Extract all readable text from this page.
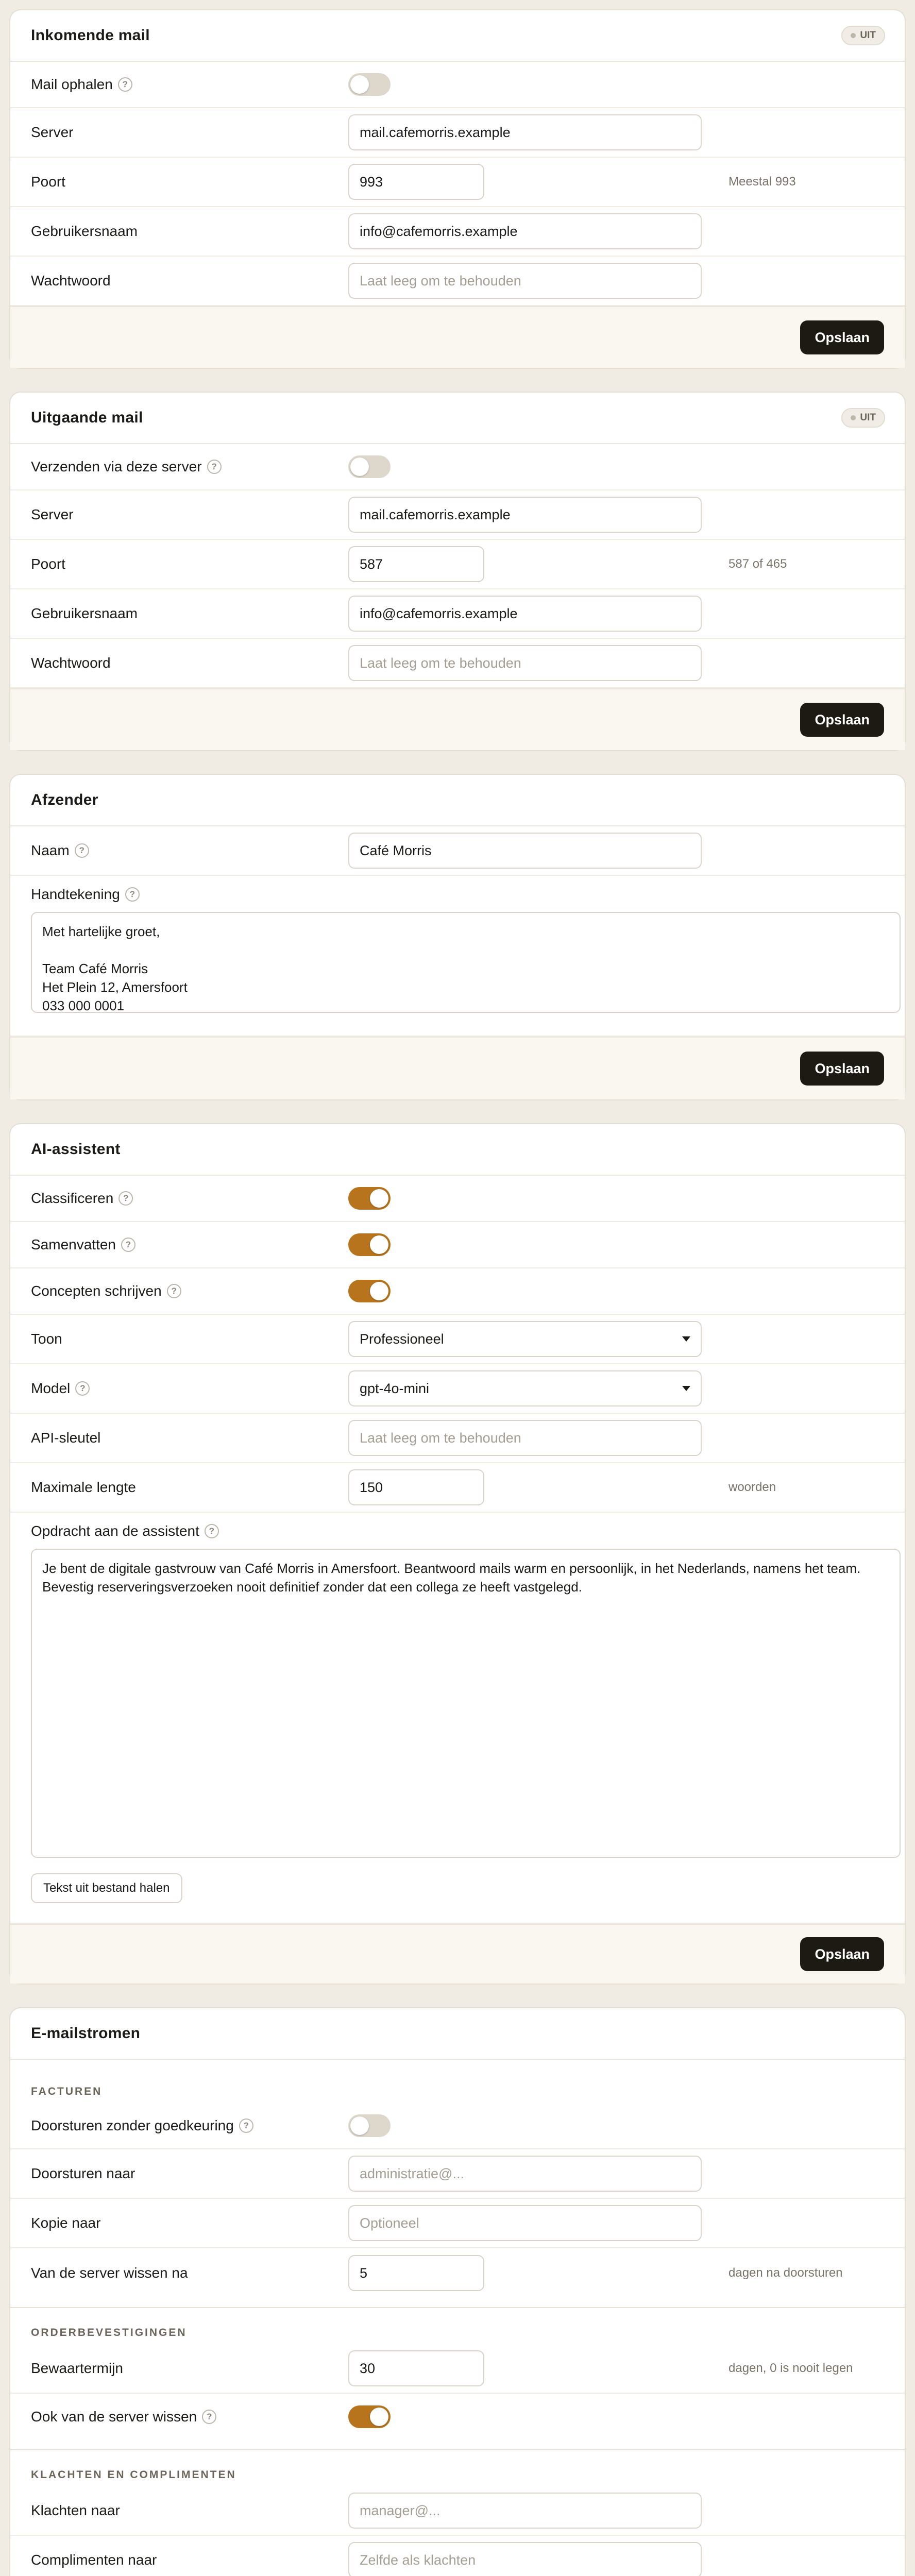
Inkomende mail	UIT
Mail ophalen	?
Server	mail.cafemorris.example
Poort	993	Meestal 993
Gebruikersnaam	info@cafemorris.example
Wachtwoord	Laat leeg om te behouden
Opslaan
Uitgaande mail	UIT
Verzenden via deze server	?
Server	mail.cafemorris.example
Poort	587	587 of 465
Gebruikersnaam	info@cafemorris.example
Wachtwoord	Laat leeg om te behouden
Opslaan
Afzender
Naam	?	Café Morris
Handtekening	?
Met hartelijke groet,

Team Café Morris
Het Plein 12, Amersfoort
033 000 0001
Opslaan
AI-assistent
Classificeren	?
Samenvatten	?
Concepten schrijven	?
Toon	Professioneel
Model	?	gpt-4o-mini
API-sleutel	Laat leeg om te behouden
Maximale lengte	150	woorden
Opdracht aan de assistent	?
Je bent de digitale gastvrouw van Café Morris in Amersfoort. Beantwoord mails warm en persoonlijk, in het Nederlands, namens het team. Bevestig reserveringsverzoeken nooit definitief zonder dat een collega ze heeft vastgelegd.
Tekst uit bestand halen
Opslaan
E-mailstromen
FACTUREN
Doorsturen zonder goedkeuring	?
Doorsturen naar	administratie@...
Kopie naar	Optioneel
Van de server wissen na	5	dagen na doorsturen
ORDERBEVESTIGINGEN
Bewaartermijn	30	dagen, 0 is nooit legen
Ook van de server wissen	?
KLACHTEN EN COMPLIMENTEN
Klachten naar	manager@...
Complimenten naar	Zelfde als klachten
